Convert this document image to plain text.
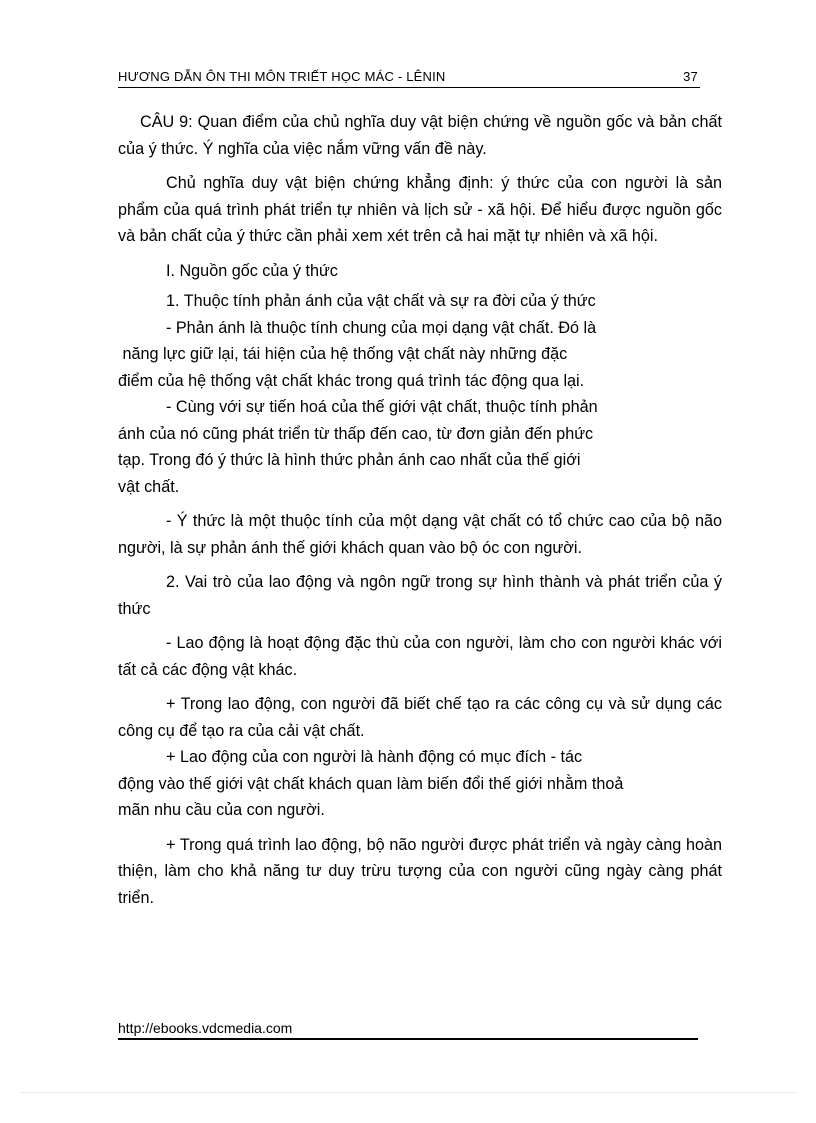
HƯƠNG DẪN ÔN THI MÔN TRIẾT HỌC MÁC - LÊNIN	37

CÂU 9: Quan điểm của chủ nghĩa duy vật biện chứng về nguồn gốc và bản chất của ý thức. Ý nghĩa của việc nắm vững vấn đề này.

Chủ nghĩa duy vật biện chứng khẳng định: ý thức của con người là sản phẩm của quá trình phát triển tự nhiên và lịch sử - xã hội. Để hiểu được nguồn gốc và bản chất của ý thức cần phải xem xét trên cả hai mặt tự nhiên và xã hội.

I. Nguồn gốc của ý thức

1. Thuộc tính phản ánh của vật chất và sự ra đời của ý thức

- Phản ánh là thuộc tính chung của mọi dạng vật chất. Đó là
năng lực giữ lại, tái hiện của hệ thống vật chất này những đặc
điểm của hệ thống vật chất khác trong quá trình tác động qua lại.

- Cùng với sự tiến hoá của thế giới vật chất, thuộc tính phản
ánh của nó cũng phát triển từ thấp đến cao, từ đơn giản đến phức
tạp. Trong đó ý thức là hình thức phản ánh cao nhất của thế giới
vật chất.

- Ý thức là một thuộc tính của một dạng vật chất có tổ chức cao của bộ não người, là sự phản ánh thế giới khách quan vào bộ óc con người.

2. Vai trò của lao động và ngôn ngữ trong sự hình thành và phát triển của ý thức

- Lao động là hoạt động đặc thù của con người, làm cho con người khác với tất cả các động vật khác.

+ Trong lao động, con người đã biết chế tạo ra các công cụ và sử dụng các công cụ để tạo ra của cải vật chất.

+ Lao động của con người là hành động có mục đích - tác
động vào thế giới vật chất khách quan làm biến đổi thế giới nhằm thoả
mãn nhu cầu của con người.

+ Trong quá trình lao động, bộ não người được phát triển và ngày càng hoàn thiện, làm cho khả năng tư duy trừu tượng của con người cũng ngày càng phát triển.

http://ebooks.vdcmedia.com
